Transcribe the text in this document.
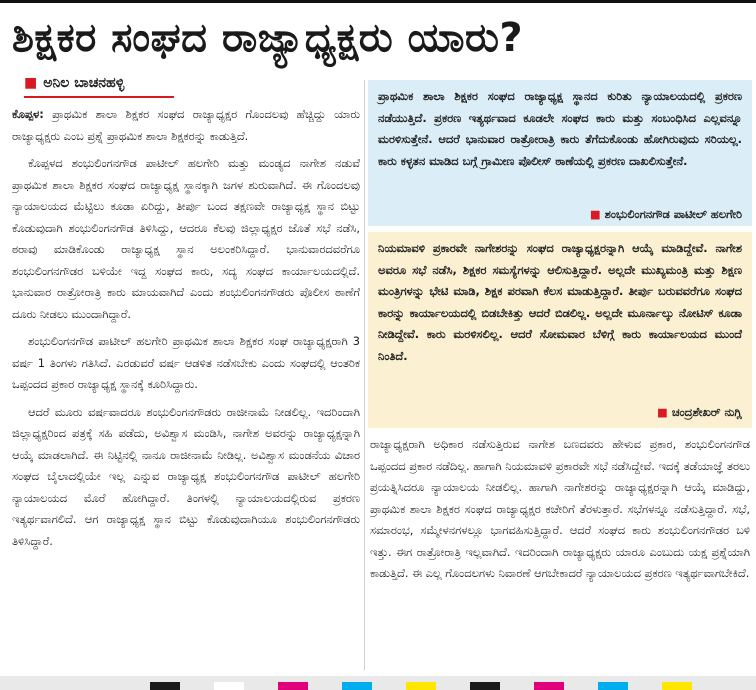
ಶಿಕ್ಷಕರ ಸಂಘದ ರಾಜ್ಯಾಧ್ಯಕ್ಷರು ಯಾರು?
■ ಅನಿಲ ಬಾಚನಹಳ್ಳಿ

ಕೊಪ್ಪಳ: ಪ್ರಾಥಮಿಕ ಶಾಲಾ ಶಿಕ್ಷಕರ ಸಂಘದ ರಾಜ್ಯಾಧ್ಯಕ್ಷರ ಗೊಂದಲವು ಹೆಚ್ಚಿದ್ದು ಯಾರು ರಾಜ್ಯಾಧ್ಯಕ್ಷರು ಎಂಬ ಪ್ರಶ್ನೆ ಪ್ರಾಥಮಿಕ ಶಾಲಾ ಶಿಕ್ಷಕರನ್ನು ಕಾಡುತ್ತಿದೆ.

ಕೊಪ್ಪಳದ ಶಂಭುಲಿಂಗನಗೌಡ ಪಾಟೀಲ್ ಹಲಗೇರಿ ಮತ್ತು ಮಂಡ್ಯದ ನಾಗೇಶ ನಡುವೆ ಪ್ರಾಥಮಿಕ ಶಾಲಾ ಶಿಕ್ಷಕರ ಸಂಘದ ರಾಜ್ಯಾಧ್ಯಕ್ಷ ಸ್ಥಾನಕ್ಕಾಗಿ ಜಗಳ ಶುರುವಾಗಿದೆ. ಈ ಗೊಂದಲವು ನ್ಯಾಯಾಲಯದ ಮೆಟ್ಟಿಲು ಕೂಡಾ ಏರಿದ್ದು, ತೀರ್ಪು ಬಂದ ತಕ್ಷಣವೇ ರಾಜ್ಯಾಧ್ಯಕ್ಷ ಸ್ಥಾನ ಬಿಟ್ಟು ಕೊಡುವುದಾಗಿ ಶಂಭುಲಿಂಗನಗೌಡ ತಿಳಿಸಿದ್ದು, ಆದರೂ ಕೆಲವು ಜಿಲ್ಲಾಧ್ಯಕ್ಷರ ಜೊತೆ ಸಭೆ ನಡೆಸಿ, ಠರಾವು ಮಾಡಿಕೊಂಡು ರಾಜ್ಯಾಧ್ಯಕ್ಷ ಸ್ಥಾನ ಅಲಂಕರಿಸಿದ್ದಾರೆ. ಭಾನುವಾರದವರೆಗೂ ಶಂಭುಲಿಂಗನಗೌಡರ ಬಳಿಯೇ ಇದ್ದ ಸಂಘದ ಕಾರು, ಸದ್ಯ ಸಂಘದ ಕಾರ್ಯಾಲಯದಲ್ಲಿದೆ. ಭಾನುವಾರ ರಾತ್ರೋರಾತ್ರಿ ಕಾರು ಮಾಯವಾಗಿದೆ ಎಂದು ಶಂಭುಲಿಂಗನಗೌಡರು ಪೊಲೀಸ ಠಾಣೆಗೆ ದೂರು ನೀಡಲು ಮುಂದಾಗಿದ್ದಾರೆ.

ಶಂಭುಲಿಂಗನಗೌಡ ಪಾಟೀಲ್ ಹಲಗೇರಿ ಪ್ರಾಥಮಿಕ ಶಾಲಾ ಶಿಕ್ಷಕರ ಸಂಘ ರಾಜ್ಯಾಧ್ಯಕ್ಷರಾಗಿ 3 ವರ್ಷ 1 ತಿಂಗಳು ಗತಿಸಿದೆ. ಎರಡುವರೆ ವರ್ಷ ಆಡಳಿತ ನಡೆಸಬೇಕು ಎಂದು ಸಂಘದಲ್ಲಿ ಆಂತರಿಕ ಒಪ್ಪಂದದ ಪ್ರಕಾರ ರಾಜ್ಯಾಧ್ಯಕ್ಷ ಸ್ಥಾನಕ್ಕೆ ಕೂರಿಸಿದ್ದಾರು.

ಆದರೆ ಮೂರು ವರ್ಷವಾದರೂ ಶಂಭುಲಿಂಗನಗೌಡರು ರಾಜೀನಾಮೆ ನೀಡಲಿಲ್ಲ. ಇದರಿಂದಾಗಿ ಜಿಲ್ಲಾಧ್ಯಕ್ಷರಿಂದ ಪತ್ರಕ್ಕೆ ಸಹಿ ಪಡೆದು, ಅವಿಶ್ವಾಸ ಮಂಡಿಸಿ, ನಾಗೇಶ ಅವರನ್ನು ರಾಜ್ಯಾಧ್ಯಕ್ಷನ್ನಾಗಿ ಆಯ್ಕೆ ಮಾಡಲಾಗಿದೆ. ಈ ನಿಟ್ಟಿನಲ್ಲಿ ನಾನೂ ರಾಜೀನಾಮೆ ನೀಡಿಲ್ಲ. ಅವಿಶ್ವಾಸ ಮಂಡನೆಯ ವಿಚಾರ ಸಂಘದ ಬೈಲಾದಲ್ಲಿಯೇ ಇಲ್ಲ ಎನ್ನುವ ರಾಜ್ಯಾಧ್ಯಕ್ಷ ಶಂಭುಲಿಂಗನಗೌಡ ಪಾಟೀಲ್ ಹಲಗೇರಿ ನ್ಯಾಯಾಲಯದ ಮೊರೆ ಹೋಗಿದ್ದಾರೆ. ತಿಂಗಳಲ್ಲಿ ನ್ಯಾಯಾಲಯದಲ್ಲಿರುವ ಪ್ರಕರಣ ಇತ್ಯರ್ಥವಾಗಲಿದೆ. ಆಗ ರಾಜ್ಯಾಧ್ಯಕ್ಷ ಸ್ಥಾನ ಬಿಟ್ಟು ಕೊಡುವುದಾಗಿಯೂ ಶಂಭುಲಿಂಗನಗೌಡರು ತಿಳಿಸಿದ್ದಾರೆ.

ಪ್ರಾಥಮಿಕ ಶಾಲಾ ಶಿಕ್ಷಕರ ಸಂಘದ ರಾಜ್ಯಾಧ್ಯಕ್ಷ ಸ್ಥಾನದ ಕುರಿತು ನ್ಯಾಯಾಲಯದಲ್ಲಿ ಪ್ರಕರಣ ನಡೆಯುತ್ತಿದೆ. ಪ್ರಕರಣ ಇತ್ಯರ್ಥವಾದ ಕೂಡಲೇ ಸಂಘದ ಕಾರು ಮತ್ತು ಸಂಬಂಧಿಸಿದ ಎಲ್ಲವನ್ನೂ ಮರಳಿಸುತ್ತೇನೆ. ಆದರೆ ಭಾನುವಾರ ರಾತ್ರೋರಾತ್ರಿ ಕಾರು ತೆಗೆದುಕೊಂಡು ಹೋಗಿರುವುದು ಸರಿಯಲ್ಲ. ಕಾರು ಕಳ್ಳತನ ಮಾಡಿದ ಬಗ್ಗೆ ಗ್ರಾಮೀಣ ಪೊಲೀಸ್ ಠಾಣೆಯಲ್ಲಿ ಪ್ರಕರಣ ದಾಖಲಿಸುತ್ತೇನೆ.

■ ಶಂಭುಲಿಂಗನಗೌಡ ಪಾಟೀಲ್ ಹಲಗೇರಿ

ನಿಯಮಾವಳಿ ಪ್ರಕಾರವೇ ನಾಗೇಶರನ್ನು ಸಂಘದ ರಾಜ್ಯಾಧ್ಯಕ್ಷರನ್ನಾಗಿ ಆಯ್ಕೆ ಮಾಡಿದ್ದೇವೆ. ನಾಗೇಶ ಅವರೂ ಸಭೆ ನಡೆಸಿ, ಶಿಕ್ಷಕರ ಸಮಸ್ಯೆಗಳನ್ನು ಆಲಿಸುತ್ತಿದ್ದಾರೆ. ಅಲ್ಲದೇ ಮುಖ್ಯಮಂತ್ರಿ ಮತ್ತು ಶಿಕ್ಷಣ ಮಂತ್ರಿಗಳನ್ನು ಭೇಟಿ ಮಾಡಿ, ಶಿಕ್ಷಕ ಪರವಾಗಿ ಕೆಲಸ ಮಾಡುತ್ತಿದ್ದಾರೆ. ತೀರ್ಪು ಬರುವವರೆಗೂ ಸಂಘದ ಕಾರನ್ನು ಕಾರ್ಯಾಲಯದಲ್ಲಿ ಬಿಡಬೇಕಿತ್ತು ಆದರೆ ಬಿಡಲಿಲ್ಲ. ಅಲ್ಲದೇ ಮೂರ್ನಾಲ್ಕು ನೋಟಿಸ್ ಕೂಡಾ ನೀಡಿದ್ದೇವೆ. ಕಾರು ಮರಳಿಸಲಿಲ್ಲ. ಆದರೆ ಸೋಮವಾರ ಬೆಳಿಗ್ಗೆ ಕಾರು ಕಾರ್ಯಾಲಯದ ಮುಂದೆ ನಿಂತಿದೆ.

■ ಚಂದ್ರಶೇಖರ್ ನುಗ್ಲಿ

ರಾಜ್ಯಾಧ್ಯಕ್ಷರಾಗಿ ಅಧಿಕಾರ ನಡೆಸುತ್ತಿರುವ ನಾಗೇಶ ಬಣದವರು ಹೇಳುವ ಪ್ರಕಾರ, ಶಂಭುಲಿಂಗನಗೌಡ ಒಪ್ಪಂದದ ಪ್ರಕಾರ ನಡೆದಿಲ್ಲ. ಹಾಗಾಗಿ ನಿಯಮಾವಳಿ ಪ್ರಕಾರವೇ ಸಭೆ ನಡೆಸಿದ್ದೇವೆ. ಇದಕ್ಕೆ ತಡೆಯಾಜ್ಞೆ ತರಲು ಪ್ರಯತ್ನಿಸಿದರೂ ನ್ಯಾಯಾಲಯ ನೀಡಲಿಲ್ಲ. ಹಾಗಾಗಿ ನಾಗೇಶರನ್ನು ರಾಜ್ಯಾಧ್ಯಕ್ಷರನ್ನಾಗಿ ಆಯ್ಕೆ ಮಾಡಿದ್ದು, ಪ್ರಾಥಮಿಕ ಶಾಲಾ ಶಿಕ್ಷಕರ ಸಂಘದ ರಾಜ್ಯಾಧ್ಯಕ್ಷರ ಕಚೇರಿಗೆ ತೆರಳುತ್ತಾರೆ. ಸಭೆಗಳನ್ನೂ ನಡೆಸುತ್ತಿದ್ದಾರೆ. ಸಭೆ, ಸಮಾರಂಭ, ಸಮ್ಮೇಳನಗಳಲ್ಲೂ ಭಾಗವಹಿಸುತ್ತಿದ್ದಾರೆ. ಆದರೆ ಸಂಘದ ಕಾರು ಶಂಭುಲಿಂಗನಗೌಡರ ಬಳಿ ಇತ್ತು. ಈಗ ರಾತ್ರೋರಾತ್ರಿ ಇಲ್ಲವಾಗಿದೆ. ಇದರಿಂದಾಗಿ ರಾಜ್ಯಾಧ್ಯಕ್ಷರು ಯಾರೂ ಎಂಬುದು ಯಕ್ಷ ಪ್ರಶ್ನೆಯಾಗಿ ಕಾಡುತ್ತಿದೆ. ಈ ಎಲ್ಲ ಗೊಂದಲಗಳು ನಿವಾರಣೆ ಆಗಬೇಕಾದರೆ ನ್ಯಾಯಾಲಯದ ಪ್ರಕರಣ ಇತ್ಯರ್ಥವಾಗಬೇಕಿದೆ.
